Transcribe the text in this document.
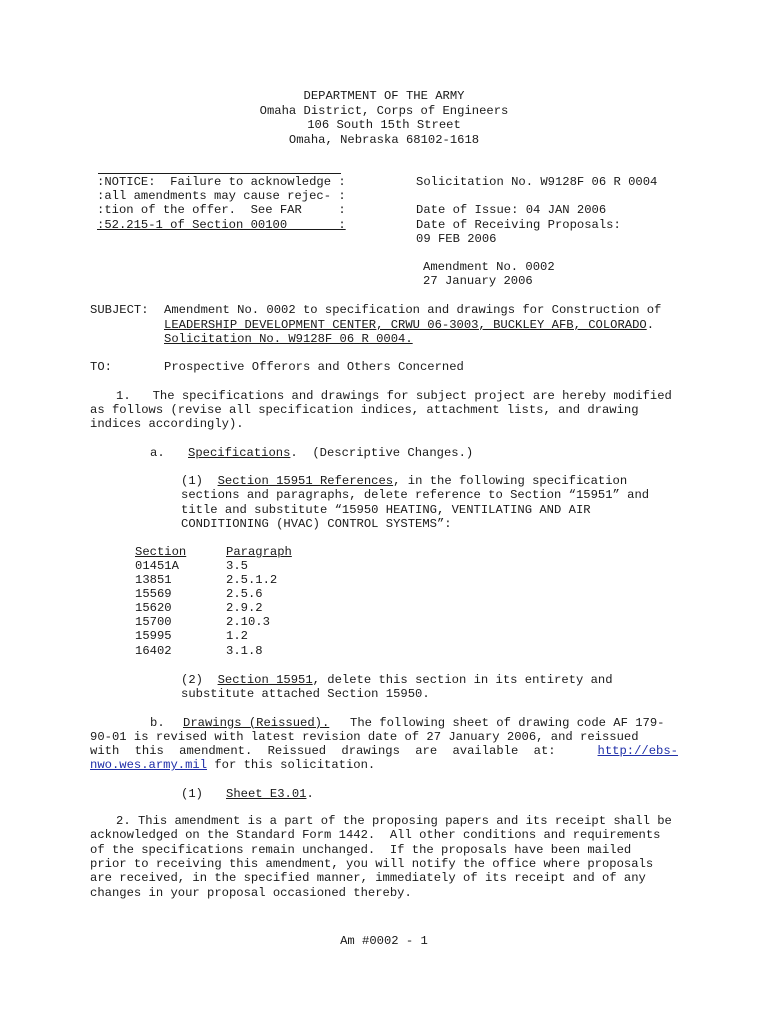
DEPARTMENT OF THE ARMY
Omaha District, Corps of Engineers
106 South 15th Street
Omaha, Nebraska 68102-1618
:NOTICE:  Failure to acknowledge :
:all amendments may cause rejec- :
:tion of the offer.  See FAR     :
:52.215-1 of Section 00100       :
Solicitation No. W9128F 06 R 0004
Date of Issue: 04 JAN 2006
Date of Receiving Proposals:
09 FEB 2006
Amendment No. 0002
27 January 2006
SUBJECT: Amendment No. 0002 to specification and drawings for Construction of
LEADERSHIP DEVELOPMENT CENTER, CRWU 06-3003, BUCKLEY AFB, COLORADO.
Solicitation No. W9128F 06 R 0004.
TO:	Prospective Offerors and Others Concerned
1.   The specifications and drawings for subject project are hereby modified
as follows (revise all specification indices, attachment lists, and drawing
indices accordingly).
a. Specifications.  (Descriptive Changes.)
(1) Section 15951 References, in the following specification
sections and paragraphs, delete reference to Section “15951” and
title and substitute “15950 HEATING, VENTILATING AND AIR
CONDITIONING (HVAC) CONTROL SYSTEMS”:
Section	Paragraph
01451A	3.5
13851	2.5.1.2
15569	2.5.6
15620	2.9.2
15700	2.10.3
15995	1.2
16402	3.1.8
(2) Section 15951, delete this section in its entirety and
substitute attached Section 15950.
b. Drawings (Reissued). The following sheet of drawing code AF 179-
90-01 is revised with latest revision date of 27 January 2006, and reissued
with this amendment. Reissued drawings are available at:	http://ebs-
nwo.wes.army.mil for this solicitation.
(1) Sheet E3.01.
2. This amendment is a part of the proposing papers and its receipt shall be
acknowledged on the Standard Form 1442.  All other conditions and requirements
of the specifications remain unchanged.  If the proposals have been mailed
prior to receiving this amendment, you will notify the office where proposals
are received, in the specified manner, immediately of its receipt and of any
changes in your proposal occasioned thereby.
Am #0002 - 1
